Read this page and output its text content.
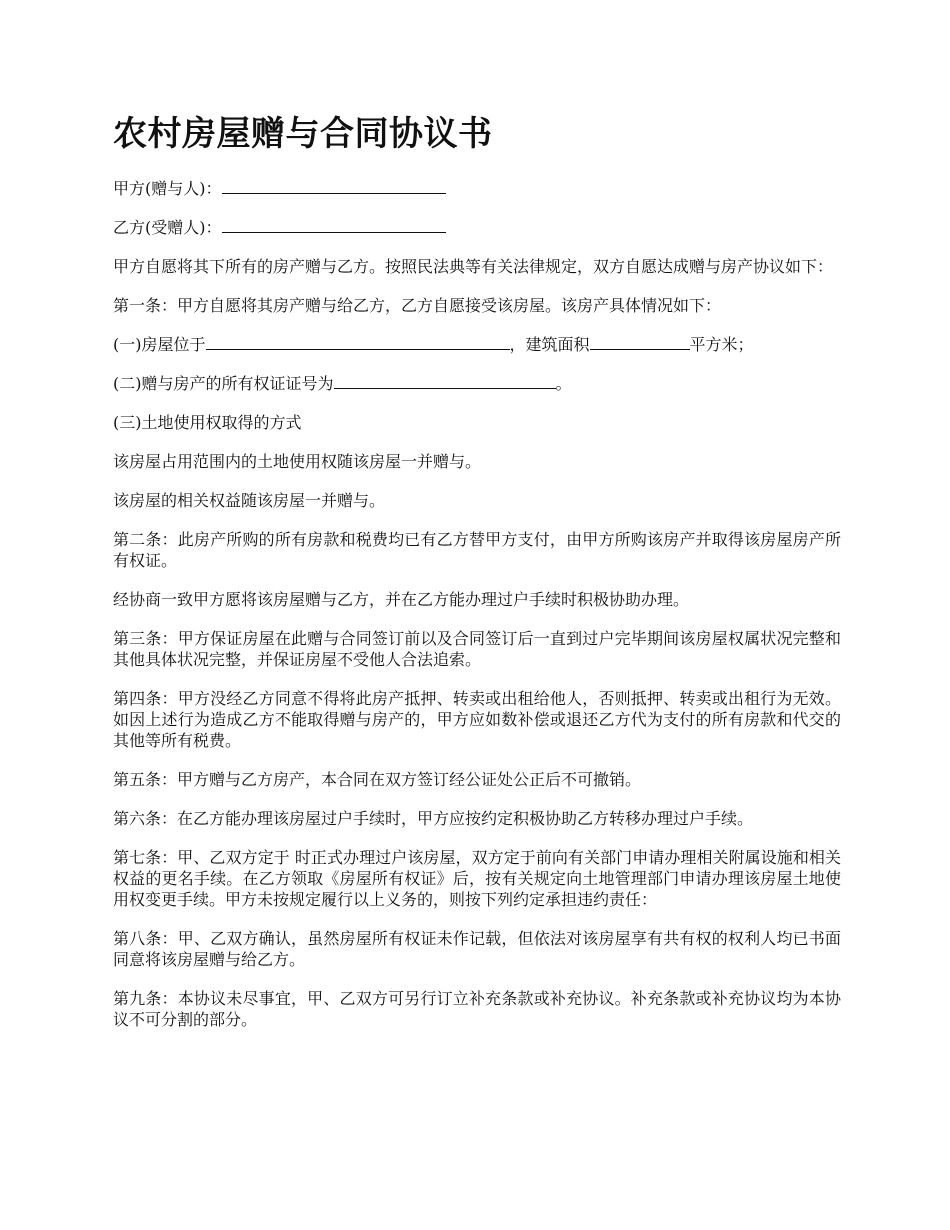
农村房屋赠与合同协议书

甲方(赠与人)：

乙方(受赠人)：

甲方自愿将其下所有的房产赠与乙方。按照民法典等有关法律规定，双方自愿达成赠与房产协议如下：

第一条：甲方自愿将其房产赠与给乙方，乙方自愿接受该房屋。该房产具体情况如下：

(一)房屋位于	，建筑面积	平方米；

(二)赠与房产的所有权证证号为	。

(三)土地使用权取得的方式

该房屋占用范围内的土地使用权随该房屋一并赠与。

该房屋的相关权益随该房屋一并赠与。

第二条：此房产所购的所有房款和税费均已有乙方替甲方支付，由甲方所购该房产并取得该房屋房产所有权证。

经协商一致甲方愿将该房屋赠与乙方，并在乙方能办理过户手续时积极协助办理。

第三条：甲方保证房屋在此赠与合同签订前以及合同签订后一直到过户完毕期间该房屋权属状况完整和其他具体状况完整，并保证房屋不受他人合法追索。

第四条：甲方没经乙方同意不得将此房产抵押、转卖或出租给他人，否则抵押、转卖或出租行为无效。如因上述行为造成乙方不能取得赠与房产的，甲方应如数补偿或退还乙方代为支付的所有房款和代交的其他等所有税费。

第五条：甲方赠与乙方房产，本合同在双方签订经公证处公正后不可撤销。

第六条：在乙方能办理该房屋过户手续时，甲方应按约定积极协助乙方转移办理过户手续。

第七条：甲、乙双方定于 时正式办理过户该房屋，双方定于前向有关部门申请办理相关附属设施和相关权益的更名手续。在乙方领取《房屋所有权证》后，按有关规定向土地管理部门申请办理该房屋土地使用权变更手续。甲方未按规定履行以上义务的，则按下列约定承担违约责任：

第八条：甲、乙双方确认，虽然房屋所有权证未作记载，但依法对该房屋享有共有权的权利人均已书面同意将该房屋赠与给乙方。

第九条：本协议未尽事宜，甲、乙双方可另行订立补充条款或补充协议。补充条款或补充协议均为本协议不可分割的部分。
